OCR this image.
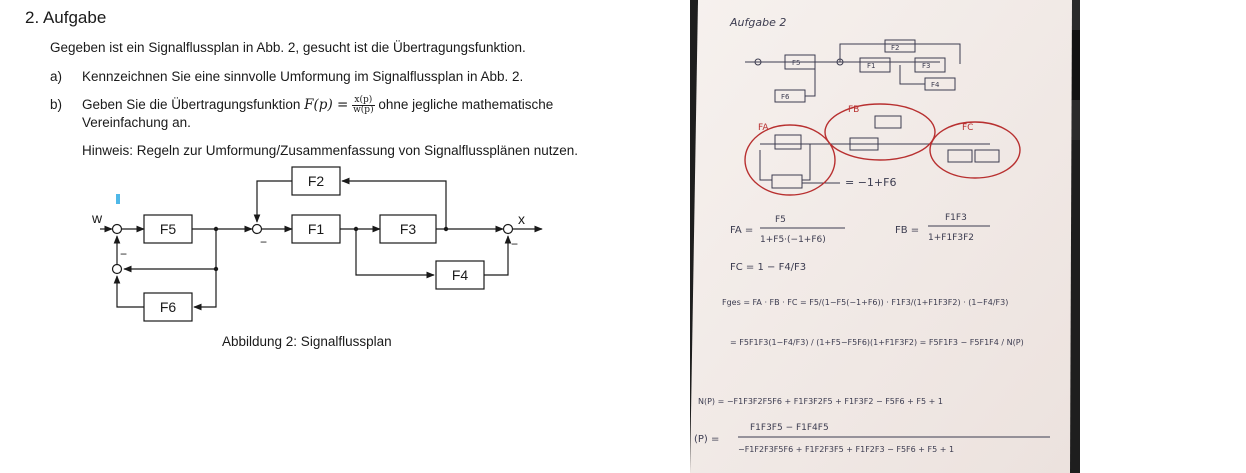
2. Aufgabe
Gegeben ist ein Signalflussplan in Abb. 2, gesucht ist die Übertragungsfunktion.
a) Kennzeichnen Sie eine sinnvolle Umformung im Signalflussplan in Abb. 2.
b) Geben Sie die Übertragungsfunktion $F(p) = \frac{x(p)}{w(p)}$ ohne jegliche mathematische
Vereinfachung an.
Hinweis: Regeln zur Umformung/Zusammenfassung von Signalflussplänen nutzen.
w	x
F5	F1	F3
F2
F4
F6
−
−
−
Abbildung 2: Signalflussplan
Aufgabe 2
F5	F1	F3
F2
F4
F6
FA
FB
FC
= −1+F6
FA =
F5
1+F5·(−1+F6)
FB =
F1F3
1+F1F3F2
FC = 1 − F4/F3
Fges = FA · FB · FC = F5/(1−F5(−1+F6)) · F1F3/(1+F1F3F2) · (1−F4/F3)
= F5F1F3(1−F4/F3) / (1+F5−F5F6)(1+F1F3F2) = F5F1F3 − F5F1F4 / N(P)
N(P) = −F1F3F2F5F6 + F1F3F2F5 + F1F3F2 − F5F6 + F5 + 1
(P) =
F1F3F5 − F1F4F5
−F1F2F3F5F6 + F1F2F3F5 + F1F2F3 − F5F6 + F5 + 1
